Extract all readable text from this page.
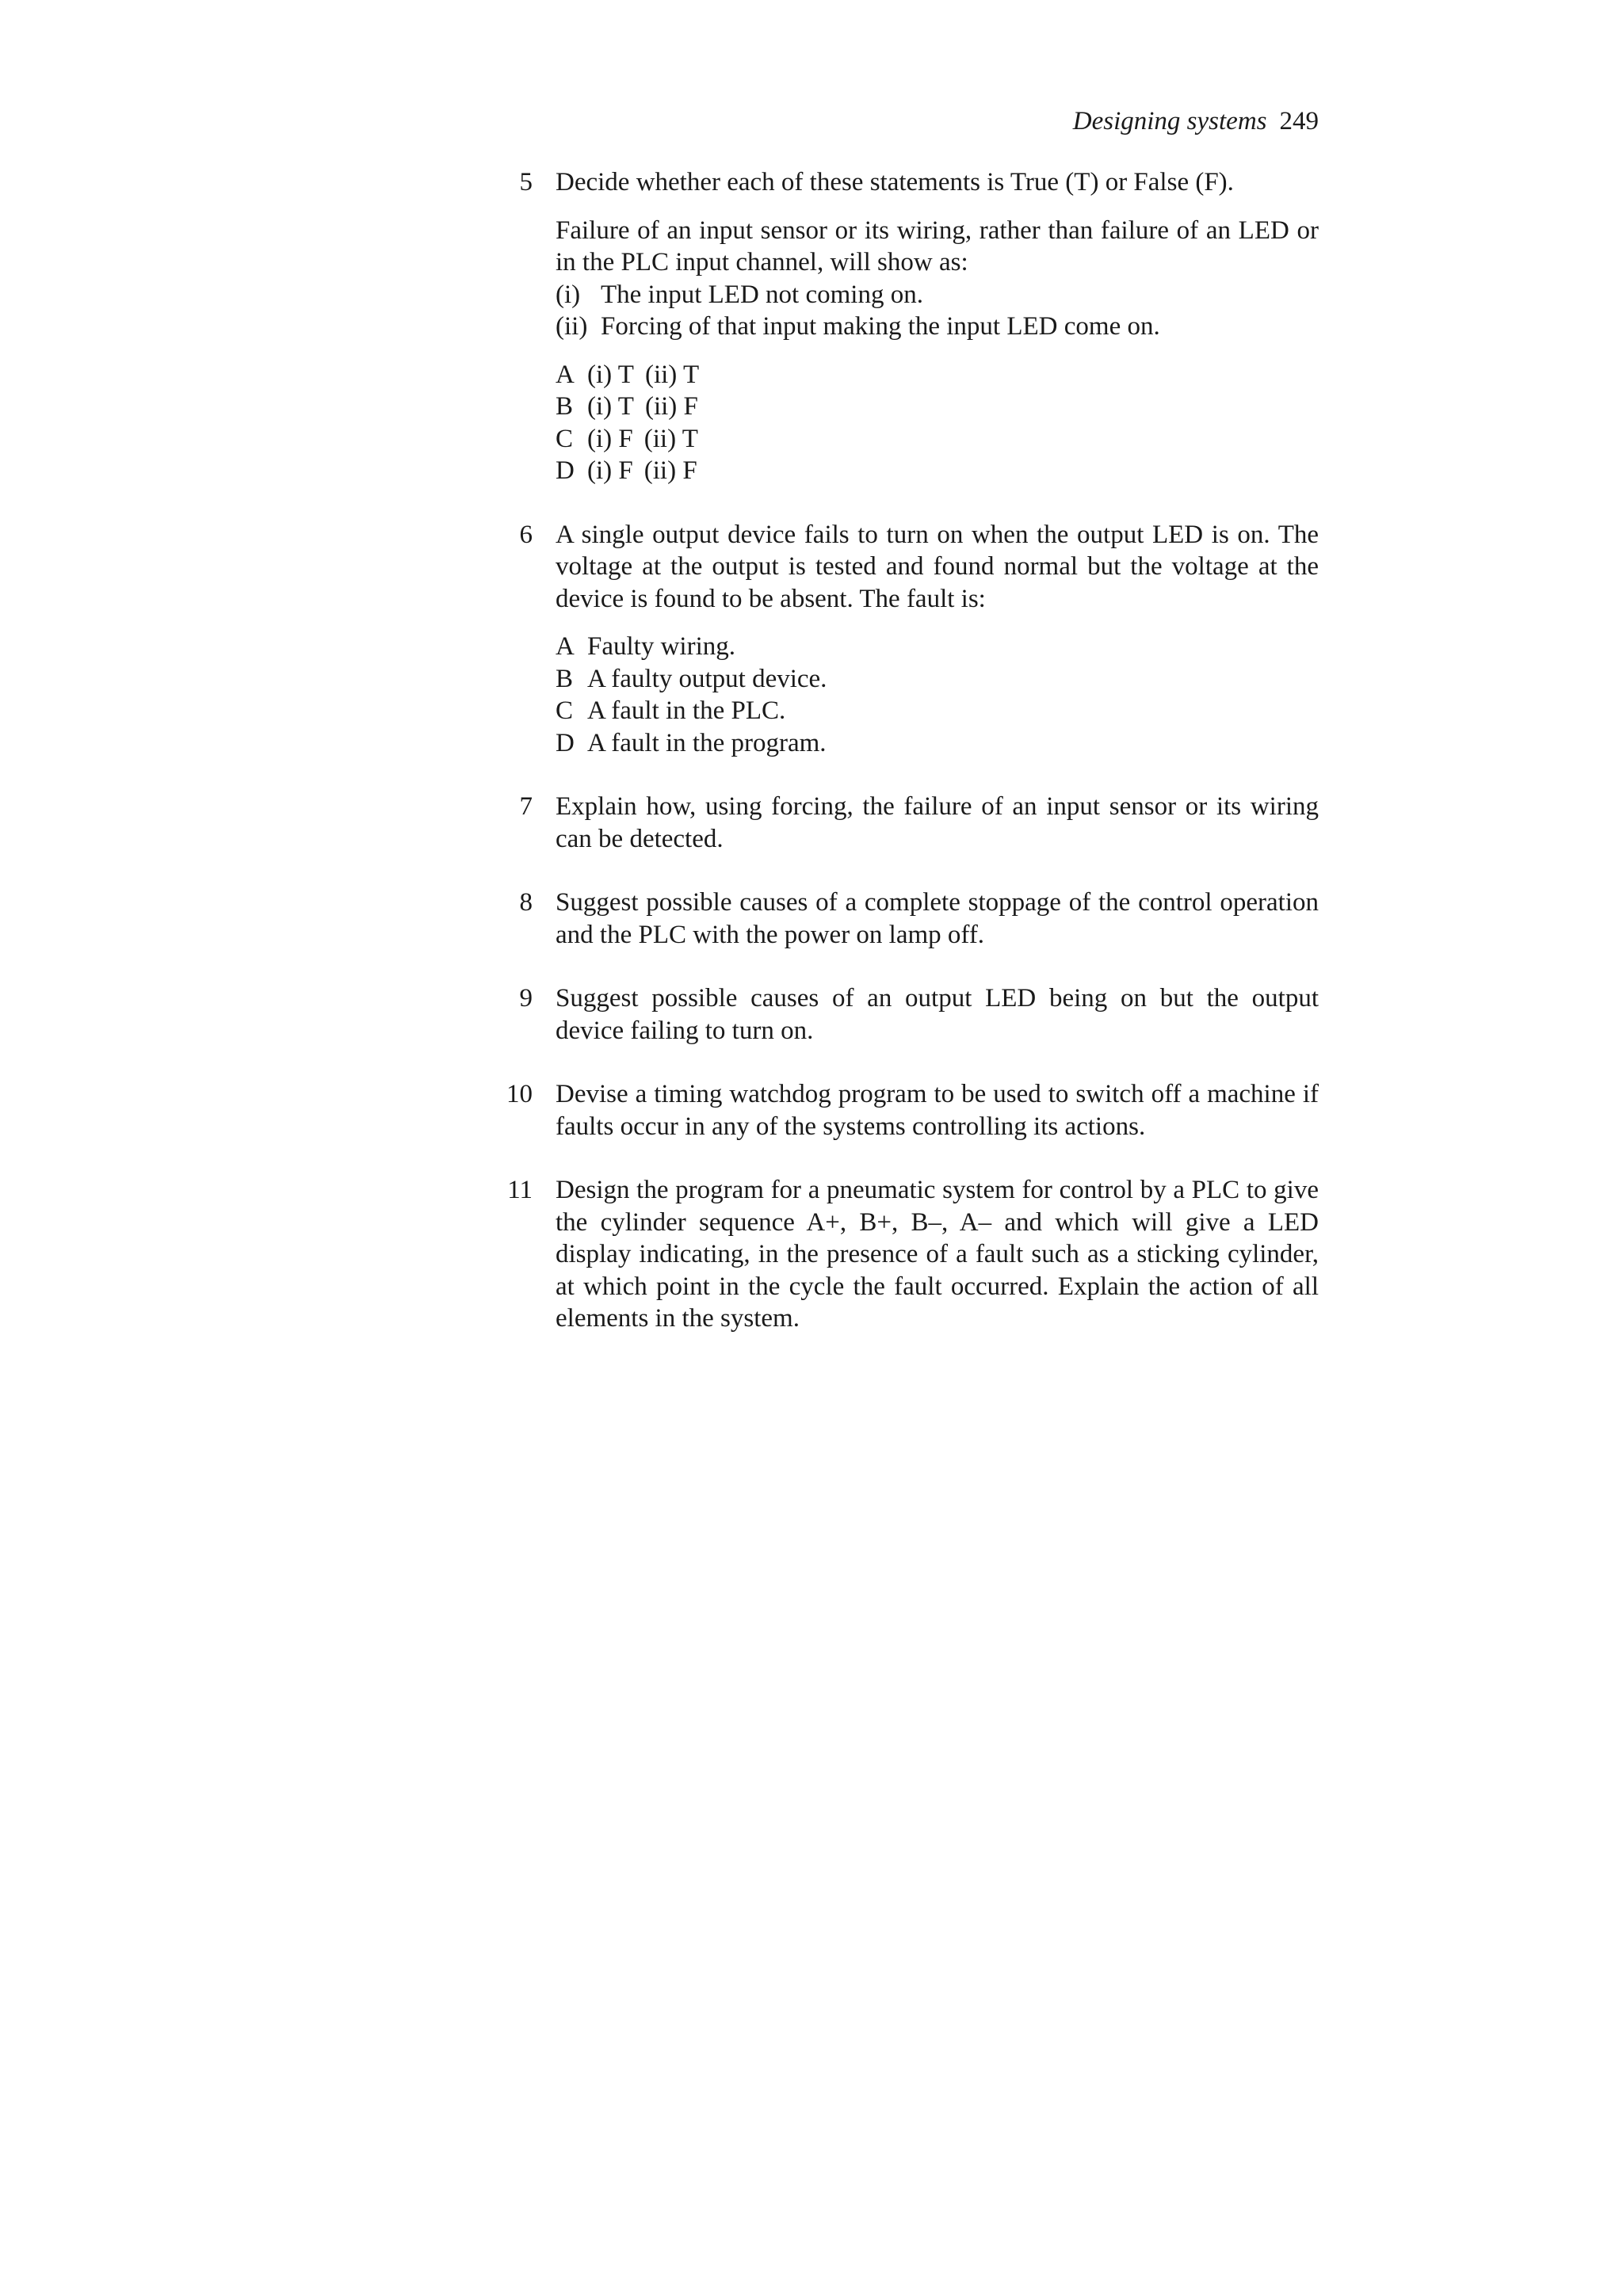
Designing systems 249
5 Decide whether each of these statements is True (T) or False (F).

Failure of an input sensor or its wiring, rather than failure of an LED or in the PLC input channel, will show as:

(i) The input LED not coming on.
(ii) Forcing of that input making the input LED come on.
A (i) T (ii) T
B (i) T (ii) F
C (i) F (ii) T
D (i) F (ii) F
6 A single output device fails to turn on when the output LED is on. The voltage at the output is tested and found normal but the voltage at the device is found to be absent. The fault is:

A Faulty wiring.
B A faulty output device.
C A fault in the PLC.
D A fault in the program.
7 Explain how, using forcing, the failure of an input sensor or its wiring can be detected.

8 Suggest possible causes of a complete stoppage of the control operation and the PLC with the power on lamp off.

9 Suggest possible causes of an output LED being on but the output device failing to turn on.

10 Devise a timing watchdog program to be used to switch off a machine if faults occur in any of the systems controlling its actions.

11 Design the program for a pneumatic system for control by a PLC to give the cylinder sequence A+, B+, B–, A– and which will give a LED display indicating, in the presence of a fault such as a sticking cylinder, at which point in the cycle the fault occurred. Explain the action of all elements in the system.
